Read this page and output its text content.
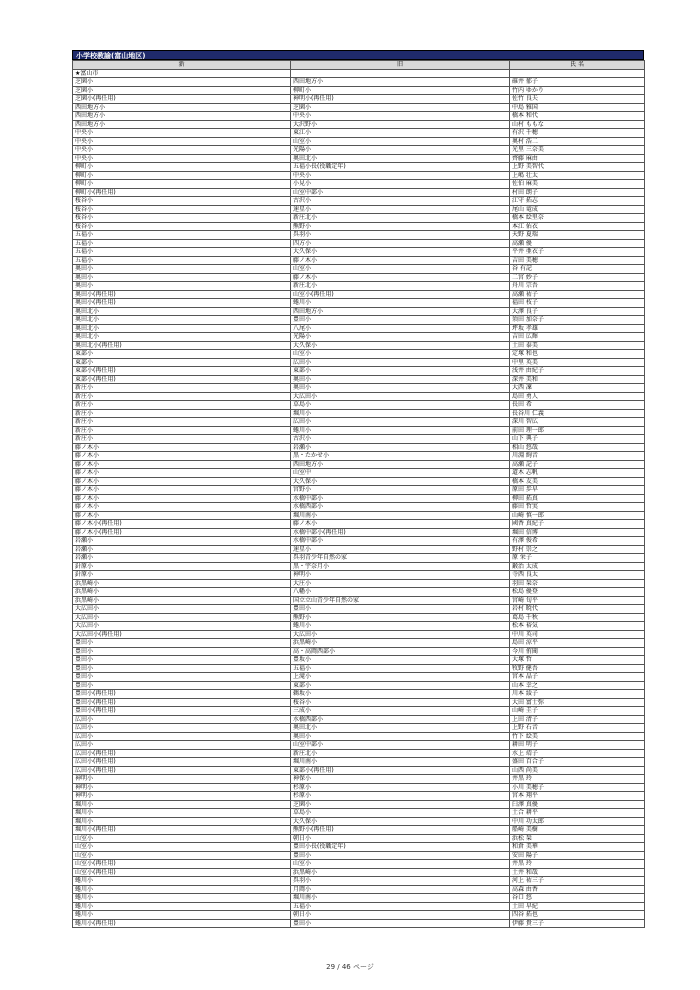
小学校教諭(富山地区)
新	旧	氏 名
★富山市		
芝園小	西田地方小	碓井 郁子
芝園小	柳町小	竹内 ゆかり
芝園小(再任用)	神明小(再任用)	佐竹 良夫
西田地方小	芝園小	中島 雅国
西田地方小	中央小	橋本 和代
西田地方小	大沢野小	山村 ももな
中央小	東江小	有沢 千穂
中央小	山室小	奥村 浩二
中央小	光陽小	光里 三奈美
中央小	奥田北小	齊藤 麻由
柳町小	五福小長(役職定年)	上野 美智代
柳町小	中央小	上嶋 壮太
柳町小	小見小	佐伯 麻美
柳町小(再任用)	山室中部小	村田 朗子
桜谷小	古沢小	江守 拓志
桜谷小	速星小	尾山 竜成
桜谷小	新庄北小	橋本 絵里奈
桜谷小	熊野小	本江 佑衣
五福小	呉羽小	天野 夏瑞
五福小	四方小	高瀬 優
五福小	大久保小	平井 亜衣子
五福小	藤ノ木小	吉田 美穂
奥田小	山室小	谷 有記
奥田小	藤ノ木小	二宮 妙子
奥田小	新庄北小	舟川 宗吾
奥田小(再任用)	山室小(再任用)	高瀬 祐子
奥田小(再任用)	蜷川小	福田 枝子
奥田北小	西田地方小	大澤 良子
奥田北小	豊田小	須田 加奈子
奥田北小	八尾小	坪坂 孝雄
奥田北小	光陽小	吉田 広輝
奥田北小(再任用)	大久保小	土田 泰美
東部小	山室小	定塚 和也
東部小	広田小	中里 英美
東部小(再任用)	東部小	浅井 由紀子
東部小(再任用)	奥田小	深井 美和
新庄小	奥田小	大西 凜
新庄小	大広田小	島田 勇人
新庄小	草島小	長田 希
新庄小	堀川小	長谷川 仁義
新庄小	広田小	深川 智広
新庄小	蜷川小	前田 理一郎
新庄小	古沢小	山下 典子
藤ノ木小	岩瀬小	相山 悠哉
藤ノ木小	黒・たかせ小	川淵 絢音
藤ノ木小	西田地方小	高瀬 記子
藤ノ木小	山室中	道木 志帆
藤ノ木小	大久保小	橋本 友美
藤ノ木小	宮野小	原田 歩早
藤ノ木小	水橋中部小	柳田 拓真
藤ノ木小	水橋西部小	藤田 哲実
藤ノ木小	堀川南小	山崎 慎一郎
藤ノ木小(再任用)	藤ノ木小	國香 真紀子
藤ノ木小(再任用)	水橋中部小(再任用)	堀田 信博
岩瀬小	水橋中部小	有澤 俊希
岩瀬小	速星小	野村 崇之
岩瀬小	呉羽青少年自然の家	原 栄子
針原小	黒・宇奈月小	鍛治 太成
針原小	神明小	寺西 良太
浜黒崎小	大庄小	羽田 栞奈
浜黒崎小	八幡小	松島 優登
浜黒崎小	国立立山青少年自然の家	宮崎 旬平
大広田小	豊田小	岩村 暁代
大広田小	熊野小	葛島 千秋
大広田小	蜷川小	松本 裕気
大広田小(再任用)	大広田小	中川 英司
豊田小	浜黒崎小	島田 涼平
豊田小	高・高岡西部小	今川 侑聞
豊田小	豊坂小	大塚 哲
豊田小	五福小	牧野 健吾
豊田小	上滝小	宮本 晶子
豊田小	東部小	山本 幸之
豊田小(再任用)	鵜坂小	川本 綾子
豊田小(再任用)	桜谷小	大田 富士弥
豊田小(再任用)	三成小	山崎 圭子
広田小	水橋西部小	上田 清子
広田小	奥田北小	上野 石音
広田小	奥田小	竹下 絵美
広田小	山室中部小	耕田 明子
広田小(再任用)	新庄北小	水上 靖子
広田小(再任用)	堀川南小	盛田 百合子
広田小(再任用)	東部小(再任用)	山西 尚美
神明小	神保小	井黒 玲
神明小	杉原小	小川 美穂子
神明小	杉原小	宮本 翔平
堀川小	芝園小	臼澤 真優
堀川小	草島小	土合 耕平
堀川小	大久保小	中川 功太郎
堀川小(再任用)	熊野小(再任用)	船崎 美樹
山室小	朝日小	浜松 栞
山室小	豊田小長(役職定年)	和倉 美華
山室小	豊田小	安田 陽子
山室小(再任用)	山室小	井黒 玲
山室小(再任用)	浜黒崎小	土井 和哉
蜷川小	呉羽小	河上 祐三子
蜷川小	月岡小	高森 由香
蜷川小	堀川南小	谷口 悠
蜷川小	五福小	土田 早紀
蜷川小	朝日小	四谷 拓也
蜷川小(再任用)	豊田小	伊藤 貴三子
29 / 46 ページ
